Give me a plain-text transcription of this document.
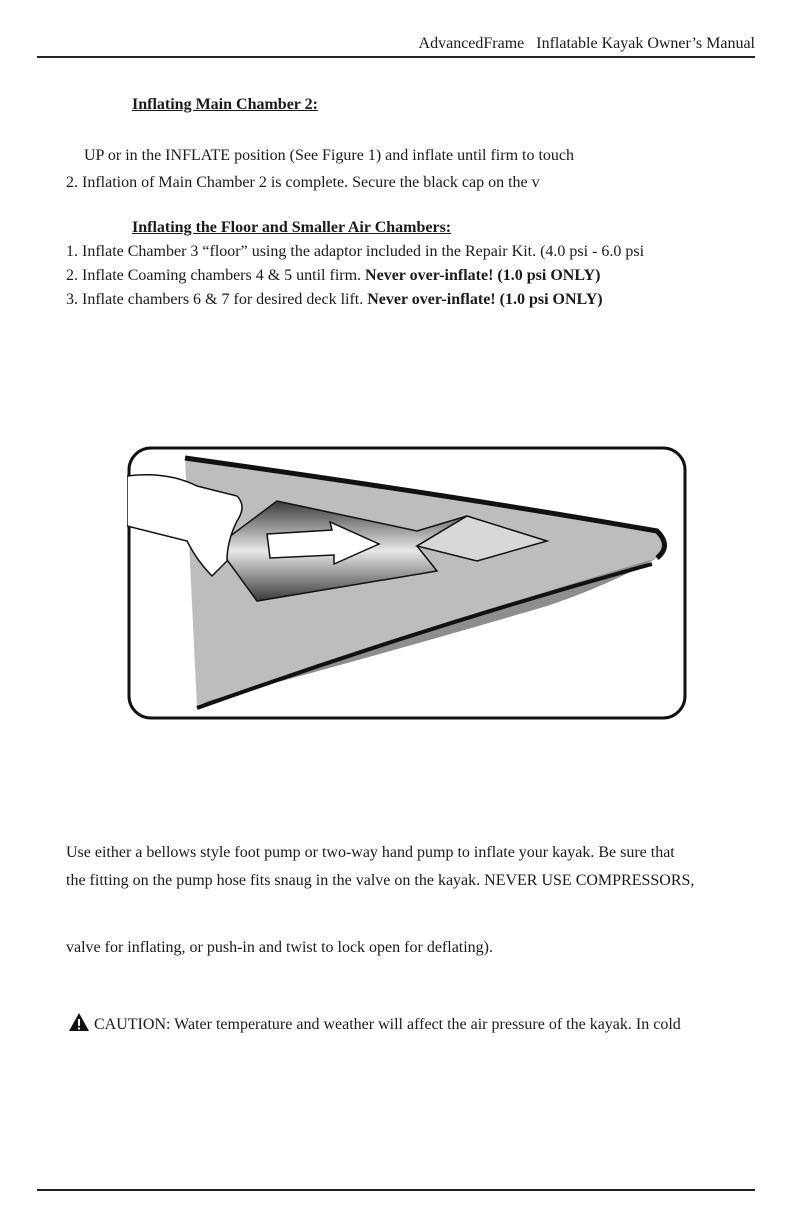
AdvancedFrame  Inflatable Kayak Owner’s Manual
Inflating Main Chamber 2:
UP or in the INFLATE position (See Figure 1) and inflate until firm to touch
2. Inflation of Main Chamber 2 is complete. Secure the black cap on the v
Inflating the Floor and Smaller Air Chambers:
1. Inflate Chamber 3 “floor” using the adaptor included in the Repair Kit. (4.0 psi - 6.0 psi
2. Inflate Coaming chambers 4 & 5 until firm. Never over-inflate! (1.0 psi ONLY)
3. Inflate chambers 6 & 7 for desired deck lift. Never over-inflate! (1.0 psi ONLY)
Use either a bellows style foot pump or two-way hand pump to inflate your kayak. Be sure that
the fitting on the pump hose fits snaug in the valve on the kayak. NEVER USE COMPRESSORS,
valve for inflating, or push-in and twist to lock open for deflating).
CAUTION: Water temperature and weather will affect the air pressure of the kayak. In cold
